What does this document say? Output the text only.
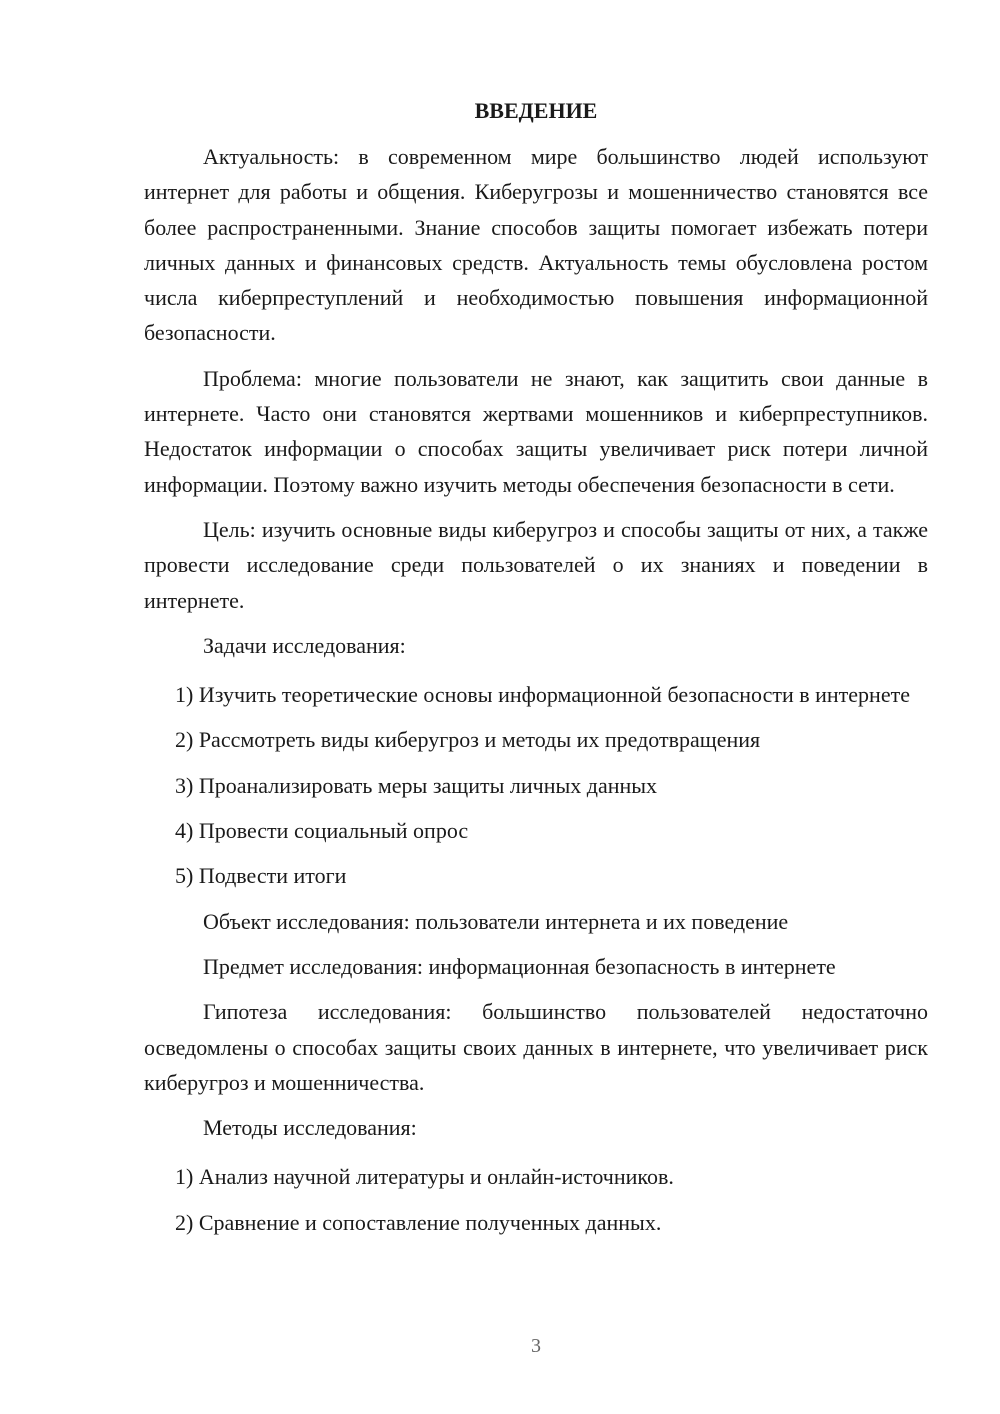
ВВЕДЕНИЕ

Актуальность: в современном мире большинство людей используют интернет для работы и общения. Киберугрозы и мошенничество становятся все более распространенными. Знание способов защиты помогает избежать потери личных данных и финансовых средств. Актуальность темы обусловлена ростом числа киберпреступлений и необходимостью повышения информационной безопасности.

Проблема: многие пользователи не знают, как защитить свои данные в интернете. Часто они становятся жертвами мошенников и киберпреступников. Недостаток информации о способах защиты увеличивает риск потери личной информации. Поэтому важно изучить методы обеспечения безопасности в сети.

Цель: изучить основные виды киберугроз и способы защиты от них, а также провести исследование среди пользователей о их знаниях и поведении в интернете.

Задачи исследования:

1) Изучить теоретические основы информационной безопасности в интернете

2) Рассмотреть виды киберугроз и методы их предотвращения

3) Проанализировать меры защиты личных данных

4) Провести социальный опрос

5) Подвести итоги

Объект исследования: пользователи интернета и их поведение

Предмет исследования: информационная безопасность в интернете

Гипотеза исследования: большинство пользователей недостаточно осведомлены о способах защиты своих данных в интернете, что увеличивает риск киберугроз и мошенничества.

Методы исследования:

1) Анализ научной литературы и онлайн-источников.

2) Сравнение и сопоставление полученных данных.

3
